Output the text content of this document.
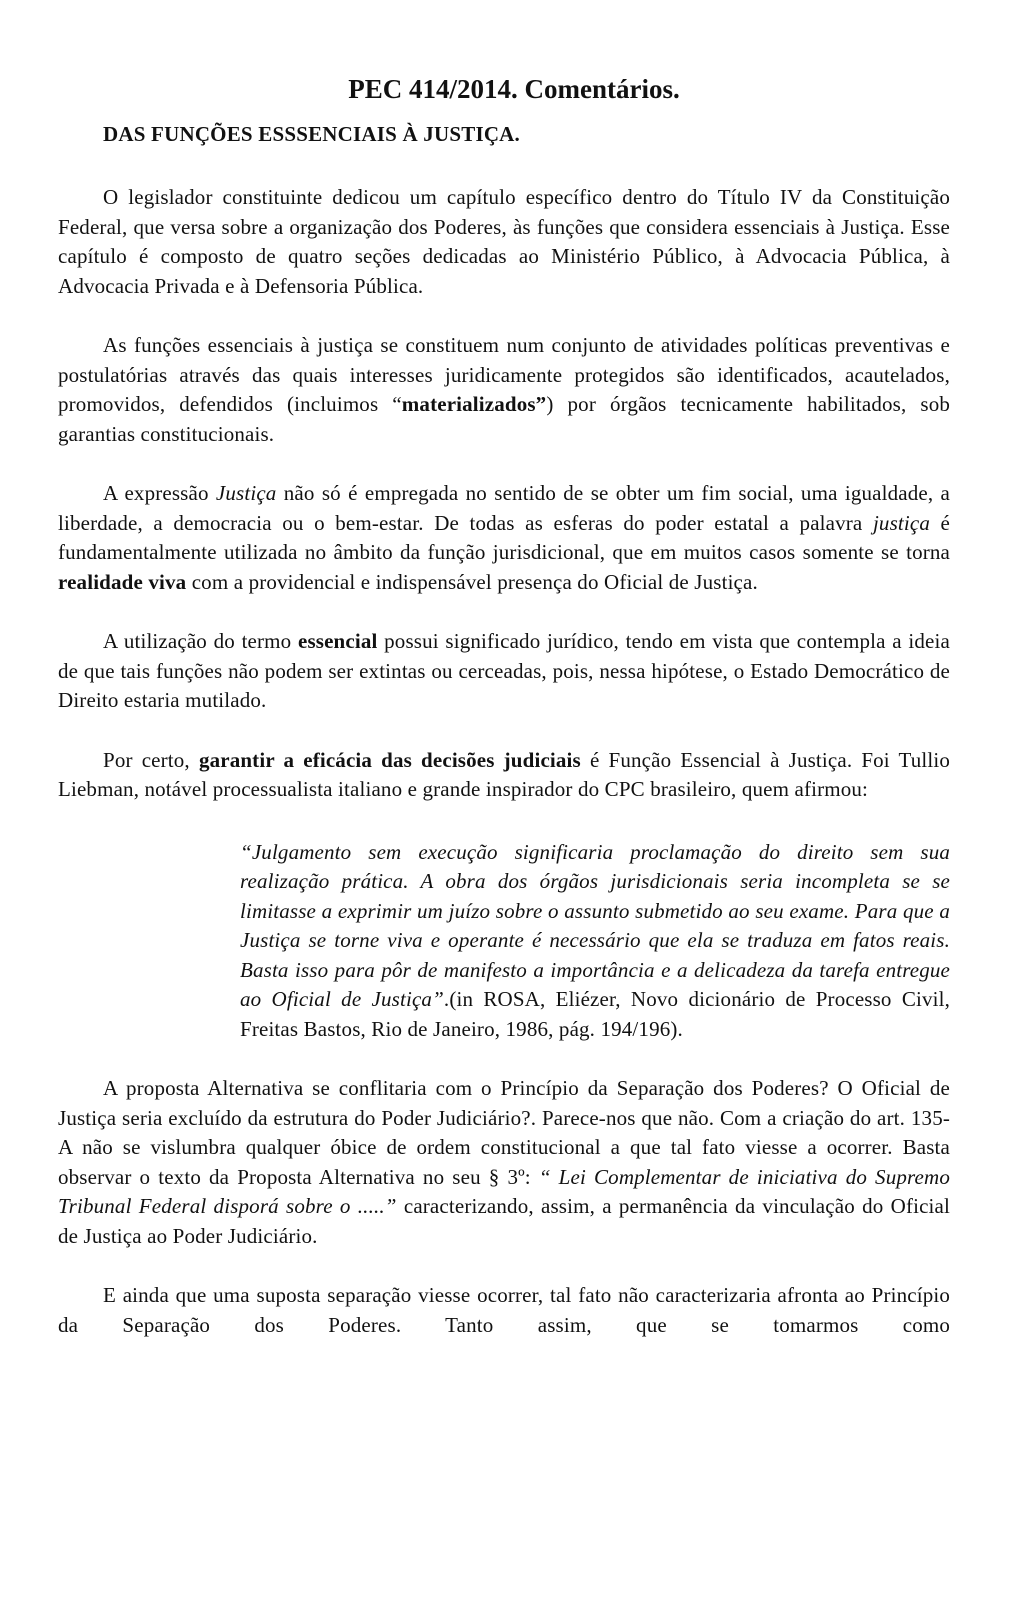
PEC 414/2014. Comentários.
DAS FUNÇÕES ESSSENCIAIS À JUSTIÇA.

O legislador constituinte dedicou um capítulo específico dentro do Título IV da Constituição Federal, que versa sobre a organização dos Poderes, às funções que considera essenciais à Justiça. Esse capítulo é composto de quatro seções dedicadas ao Ministério Público, à Advocacia Pública, à Advocacia Privada e à Defensoria Pública.

As funções essenciais à justiça se constituem num conjunto de atividades políticas preventivas e postulatórias através das quais interesses juridicamente protegidos são identificados, acautelados, promovidos, defendidos (incluimos “materializados”) por órgãos tecnicamente habilitados, sob garantias constitucionais.

A expressão Justiça não só é empregada no sentido de se obter um fim social, uma igualdade, a liberdade, a democracia ou o bem-estar. De todas as esferas do poder estatal a palavra justiça é fundamentalmente utilizada no âmbito da função jurisdicional, que em muitos casos somente se torna realidade viva com a providencial e indispensável presença do Oficial de Justiça.

A utilização do termo essencial possui significado jurídico, tendo em vista que contempla a ideia de que tais funções não podem ser extintas ou cerceadas, pois, nessa hipótese, o Estado Democrático de Direito estaria mutilado.

Por certo, garantir a eficácia das decisões judiciais é Função Essencial à Justiça. Foi Tullio Liebman, notável processualista italiano e grande inspirador do CPC brasileiro, quem afirmou:

“Julgamento sem execução significaria proclamação do direito sem sua realização prática. A obra dos órgãos jurisdicionais seria incompleta se se limitasse a exprimir um juízo sobre o assunto submetido ao seu exame. Para que a Justiça se torne viva e operante é necessário que ela se traduza em fatos reais. Basta isso para pôr de manifesto a importância e a delicadeza da tarefa entregue ao Oficial de Justiça”.(in ROSA, Eliézer, Novo dicionário de Processo Civil, Freitas Bastos, Rio de Janeiro, 1986, pág. 194/196).

A proposta Alternativa se conflitaria com o Princípio da Separação dos Poderes? O Oficial de Justiça seria excluído da estrutura do Poder Judiciário?. Parece-nos que não. Com a criação do art. 135-A não se vislumbra qualquer óbice de ordem constitucional a que tal fato viesse a ocorrer. Basta observar o texto da Proposta Alternativa no seu § 3º: “ Lei Complementar de iniciativa do Supremo Tribunal Federal disporá sobre o .....” caracterizando, assim, a permanência da vinculação do Oficial de Justiça ao Poder Judiciário.

E ainda que uma suposta separação viesse ocorrer, tal fato não caracterizaria afronta ao Princípio da Separação dos Poderes. Tanto assim, que se tomarmos como
